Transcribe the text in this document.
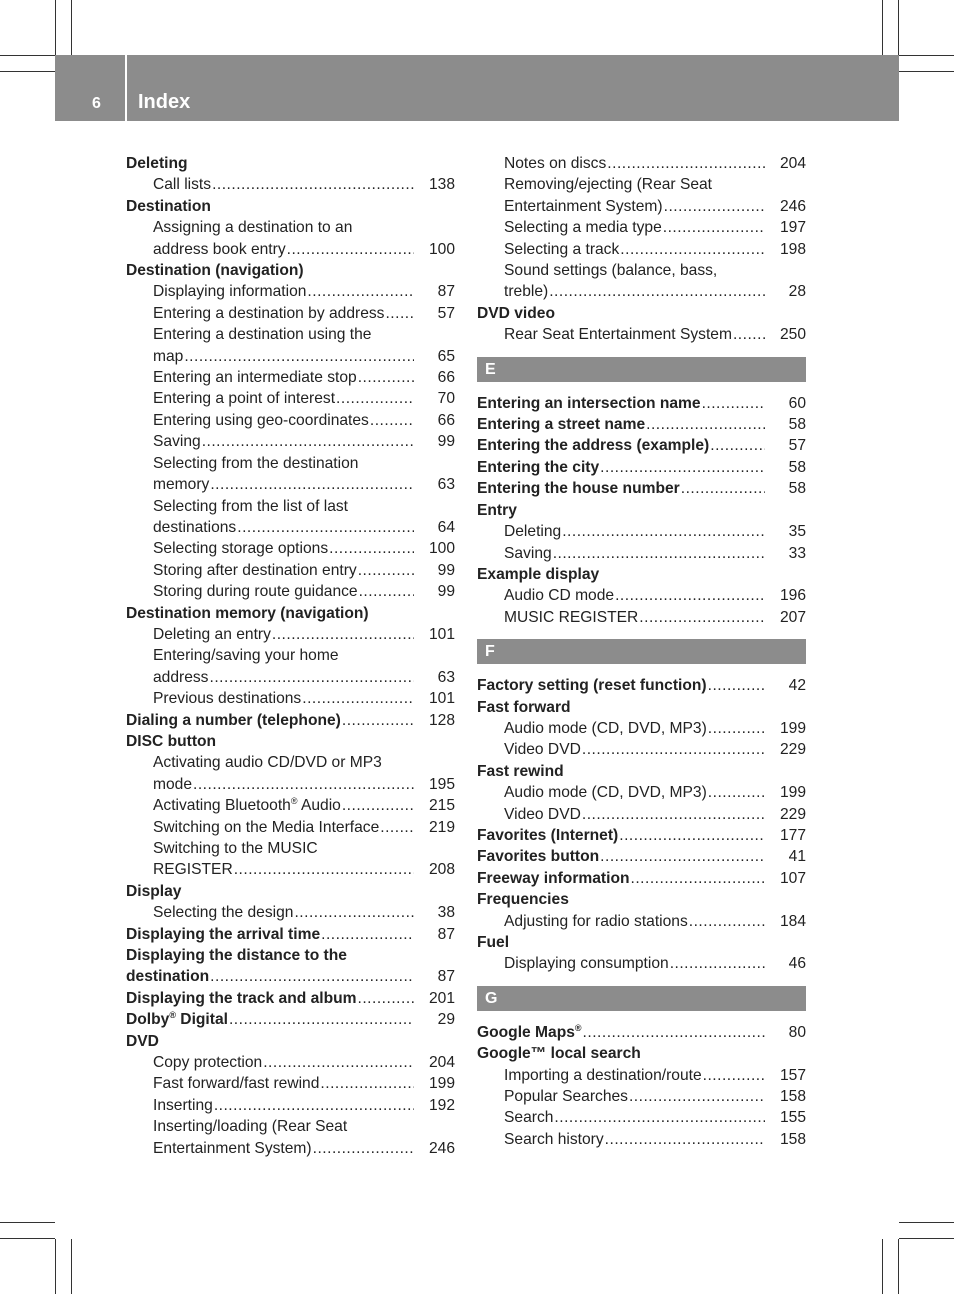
6 Index
Deleting
Call lists .....	138
Destination
Assigning a destination to an
address book entry .....	100
Destination (navigation)
Displaying information .....	87
Entering a destination by address .....	57
Entering a destination using the
map .....	65
Entering an intermediate stop .....	66
Entering a point of interest .....	70
Entering using geo-coordinates .....	66
Saving .....	99
Selecting from the destination
memory .....	63
Selecting from the list of last
destinations .....	64
Selecting storage options .....	100
Storing after destination entry .....	99
Storing during route guidance .....	99
Destination memory (navigation)
Deleting an entry .....	101
Entering/saving your home
address .....	63
Previous destinations .....	101
Dialing a number (telephone) .....	128
DISC button
Activating audio CD/DVD or MP3
mode .....	195
Activating Bluetooth® Audio .....	215
Switching on the Media Interface .....	219
Switching to the MUSIC
REGISTER .....	208
Display
Selecting the design .....	38
Displaying the arrival time .....	87
Displaying the distance to the
destination .....	87
Displaying the track and album .....	201
Dolby® Digital .....	29
DVD
Copy protection .....	204
Fast forward/fast rewind .....	199
Inserting .....	192
Inserting/loading (Rear Seat
Entertainment System) .....	246
Notes on discs .....	204
Removing/ejecting (Rear Seat
Entertainment System) .....	246
Selecting a media type .....	197
Selecting a track .....	198
Sound settings (balance, bass,
treble) .....	28
DVD video
Rear Seat Entertainment System .....	250
E
Entering an intersection name .....	60
Entering a street name .....	58
Entering the address (example) .....	57
Entering the city .....	58
Entering the house number .....	58
Entry
Deleting .....	35
Saving .....	33
Example display
Audio CD mode .....	196
MUSIC REGISTER .....	207
F
Factory setting (reset function) .....	42
Fast forward
Audio mode (CD, DVD, MP3) .....	199
Video DVD .....	229
Fast rewind
Audio mode (CD, DVD, MP3) .....	199
Video DVD .....	229
Favorites (Internet) .....	177
Favorites button .....	41
Freeway information .....	107
Frequencies
Adjusting for radio stations .....	184
Fuel
Displaying consumption .....	46
G
Google Maps® .....	80
Google™ local search
Importing a destination/route .....	157
Popular Searches .....	158
Search .....	155
Search history .....	158
